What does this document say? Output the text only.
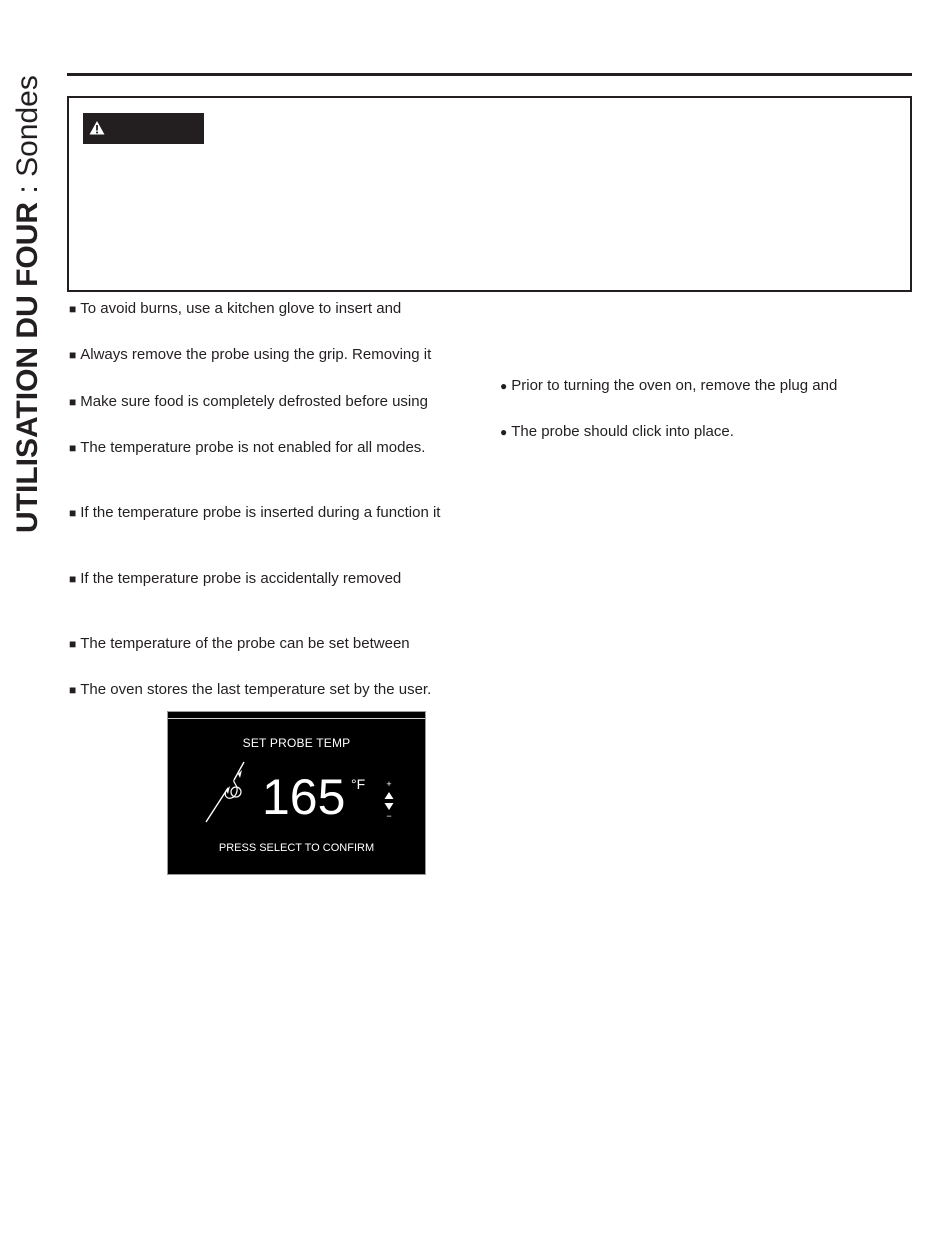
UTILISATION DU FOUR : Sondes
■ To avoid burns, use a kitchen glove to insert and
■ Always remove the probe using the grip. Removing it
■ Make sure food is completely defrosted before using
■ The temperature probe is not enabled for all modes.
■ If the temperature probe is inserted during a function it
■ If the temperature probe is accidentally removed
■ The temperature of the probe can be set between
■ The oven stores the last temperature set by the user.
● Prior to turning the oven on, remove the plug and
● The probe should click into place.
SET PROBE TEMP
165 °F +
−
PRESS SELECT TO CONFIRM
